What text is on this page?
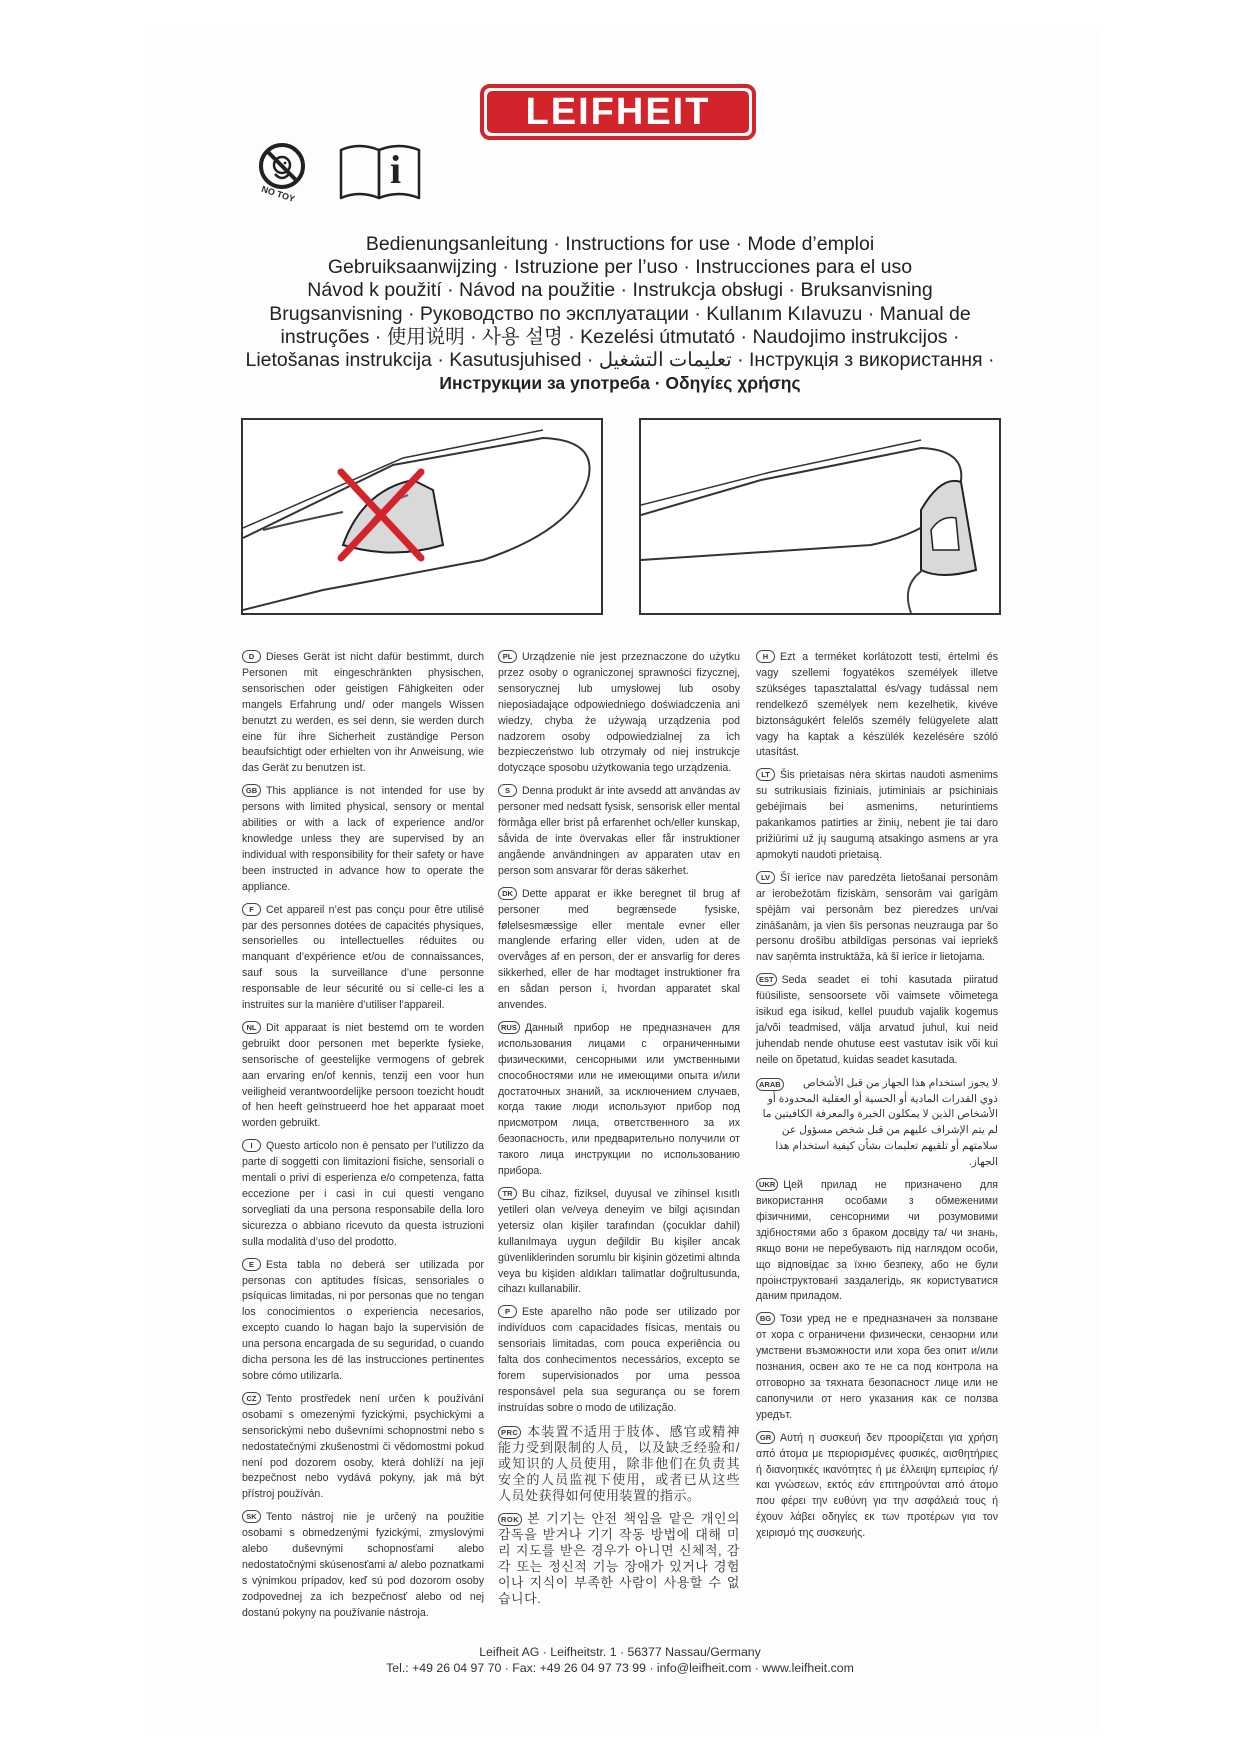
LEIFHEIT
NO TOY
i
Bedienungsanleitung · Instructions for use · Mode d’emploi
Gebruiksaanwijzing · Istruzione per l’uso · Instrucciones para el uso
Návod k použití · Návod na použitie · Instrukcja obsługi · Bruksanvisning
Brugsanvisning · Руководство по эксплуатации · Kullanım Kılavuzu · Manual de
instruções · 使用说明 · 사용 설명 · Kezelési útmutató · Naudojimo instrukcijos ·
Lietošanas instrukcija · Kasutusjuhised · تعليمات التشغيل · Інструкція з використання ·
Инструкции за употреба · Οδηγίες χρήσης

D Dieses Gerät ist nicht dafür bestimmt, durch Personen mit eingeschränkten physischen, sensorischen oder geistigen Fähigkeiten oder mangels Erfahrung und/ oder mangels Wissen benutzt zu werden, es sei denn, sie werden durch eine für ihre Sicherheit zuständige Person beaufsichtigt oder erhielten von ihr Anweisung, wie das Gerät zu benutzen ist.

GB This appliance is not intended for use by persons with limited physical, sensory or mental abilities or with a lack of experience and/or knowledge unless they are supervised by an individual with responsibility for their safety or have been instructed in advance how to operate the appliance.

F Cet appareil n’est pas conçu pour être utilisé par des personnes dotées de capacités physiques, sensorielles ou intellectuelles réduites ou manquant d’expérience et/ou de connaissances, sauf sous la surveillance d’une personne responsable de leur sécurité ou si celle-ci les a instruites sur la manière d’utiliser l’appareil.

NL Dit apparaat is niet bestemd om te worden gebruikt door personen met beperkte fysieke, sensorische of geestelijke vermogens of gebrek aan ervaring en/of kennis, tenzij een voor hun veiligheid verantwoordelijke persoon toezicht houdt of hen heeft geïnstrueerd hoe het apparaat moet worden gebruikt.

I Questo articolo non è pensato per l’utilizzo da parte di soggetti con limitazioni fisiche, sensoriali o mentali o privi di esperienza e/o competenza, fatta eccezione per i casi in cui questi vengano sorvegliati da una persona responsabile della loro sicurezza o abbiano ricevuto da questa istruzioni sulla modalità d’uso del prodotto.

E Esta tabla no deberá ser utilizada por personas con aptitudes físicas, sensoriales o psíquicas limitadas, ni por personas que no tengan los conocimientos o experiencia necesarios, excepto cuando lo hagan bajo la supervisión de una persona encargada de su seguridad, o cuando dicha persona les dé las instrucciones pertinentes sobre cómo utilizarla.

CZ Tento prostředek není určen k používání osobami s omezenými fyzickými, psychickými a sensorickými nebo duševními schopnostmi nebo s nedostatečnými zkušenostmi či vědomostmi pokud není pod dozorem osoby, která dohlíží na její bezpečnost nebo vydává pokyny, jak má být přístroj používán.

SK Tento nástroj nie je určený na použitie osobami s obmedzenými fyzickými, zmyslovými alebo duševnými schopnosťami alebo nedostatočnými skúsenosťami a/ alebo poznatkami s výnimkou prípadov, keď sú pod dozorom osoby zodpovednej za ich bezpečnosť alebo od nej dostanú pokyny na používanie nástroja.

PL Urządzenie nie jest przeznaczone do użytku przez osoby o ograniczonej sprawności fizycznej, sensorycznej lub umysłowej lub osoby nieposiadające odpowiedniego doświadczenia ani wiedzy, chyba że używają urządzenia pod nadzorem osoby odpowiedzialnej za ich bezpieczeństwo lub otrzymały od niej instrukcje dotyczące sposobu użytkowania tego urządzenia.

S Denna produkt är inte avsedd att användas av personer med nedsatt fysisk, sensorisk eller mental förmåga eller brist på erfarenhet och/eller kunskap, såvida de inte övervakas eller får instruktioner angående användningen av apparaten utav en person som ansvarar för deras säkerhet.

DK Dette apparat er ikke beregnet til brug af personer med begrænsede fysiske, følelsesmæssige eller mentale evner eller manglende erfaring eller viden, uden at de overvåges af en person, der er ansvarlig for deres sikkerhed, eller de har modtaget instruktioner fra en sådan person i, hvordan apparatet skal anvendes.

RUS Данный прибор не предназначен для использования лицами с ограниченными физическими, сенсорными или умственными способностями или не имеющими опыта и/или достаточных знаний, за исключением случаев, когда такие люди используют прибор под присмотром лица, ответственного за их безопасность, или предварительно получили от такого лица инструкции по использованию прибора.

TR Bu cihaz, fiziksel, duyusal ve zihinsel kısıtlı yetileri olan ve/veya deneyim ve bilgi açısından yetersiz olan kişiler tarafından (çocuklar dahil) kullanılmaya uygun değildir Bu kişiler ancak güvenliklerinden sorumlu bir kişinin gözetimi altında veya bu kişiden aldıkları talimatlar doğrultusunda, cihazı kullanabilir.

P Este aparelho não pode ser utilizado por indivíduos com capacidades físicas, mentais ou sensoriais limitadas, com pouca experiência ou falta dos conhecimentos necessários, excepto se forem supervisionados por uma pessoa responsável pela sua segurança ou se forem instruídas sobre o modo de utilização.

PRC 本装置不适用于肢体、感官或精神能力受到限制的人员，以及缺乏经验和/或知识的人员使用，除非他们在负责其安全的人员监视下使用，或者已从这些人员处获得如何使用装置的指示。

ROK 본 기기는 안전 책임을 맡은 개인의 감독을 받거나 기기 작동 방법에 대해 미리 지도를 받은 경우가 아니면 신체적, 감각 또는 정신적 기능 장애가 있거나 경험이나 지식이 부족한 사람이 사용할 수 없습니다.

H Ezt a terméket korlátozott testi, értelmi és vagy szellemi fogyatékos személyek illetve szükséges tapasztalattal és/vagy tudással nem rendelkező személyek nem kezelhetik, kivéve biztonságukért felelős személy felügyelete alatt vagy ha kaptak a készülék kezelésére szóló utasítást.

LT Šis prietaisas nėra skirtas naudoti asmenims su sutrikusiais fiziniais, jutiminiais ar psichiniais gebėjimais bei asmenims, neturintiems pakankamos patirties ar žinių, nebent jie tai daro prižiūrimi už jų saugumą atsakingo asmens ar yra apmokyti naudoti prietaisą.

LV Šī ierīce nav paredzēta lietošanai personām ar ierobežotām fiziskām, sensorām vai garīgām spējām vai personām bez pieredzes un/vai zināšanām, ja vien šīs personas neuzrauga par šo personu drošību atbildīgas personas vai iepriekš nav saņēmta instruktāža, kā šī ierīce ir lietojama.

EST Seda seadet ei tohi kasutada piiratud füüsiliste, sensoorsete või vaimsete võimetega isikud ega isikud, kellel puudub vajalik kogemus ja/või teadmised, välja arvatud juhul, kui neid juhendab nende ohutuse eest vastutav isik või kui neile on õpetatud, kuidas seadet kasutada.

ARAB	لا يجوز استخدام هذا الجهاز من قبل الأشخاص ذوي القدرات المادية أو الحسية أو العقلية المحدودة أو الأشخاص الذين لا يمكلون الخبرة والمعرفة الكافيتين ما لم يتم الإشراف عليهم من قبل شخص مسؤول عن سلامتهم أو تلقيهم تعليمات بشأن كيفية استخدام هذا الجهاز.

UKR Цей прилад не призначено для використання особами з обмеженими фізичними, сенсорними чи розумовими здібностями або з браком досвіду та/ чи знань, якщо вони не перебувають під наглядом особи, що відповідає за їхню безпеку, або не були проінструктовані заздалегідь, як користуватися даним приладом.

BG Този уред не е предназначен за ползване от хора с ограничени физически, сензорни или умствени възможности или хора без опит и/или познания, освен ако те не са под контрола на отговорно за тяхната безопасност лице или не сапопучили от него указания как се ползва уредът.

GR Αυτή η συσκευή δεν προορίζεται για χρήση από άτομα με περιορισμένες φυσικές, αισθητήριες ή διανοητικές ικανότητες ή με έλλειψη εμπειρίας ή/και γνώσεων, εκτός εάν επιτηρούνται από άτομο που φέρει την ευθύνη για την ασφάλειά τους ή έχουν λάβει οδηγίες εκ των προτέρων για τον χειρισμό της συσκευής.

Leifheit AG · Leifheitstr. 1 · 56377 Nassau/Germany
Tel.: +49 26 04 97 70 · Fax: +49 26 04 97 73 99 · info@leifheit.com · www.leifheit.com
